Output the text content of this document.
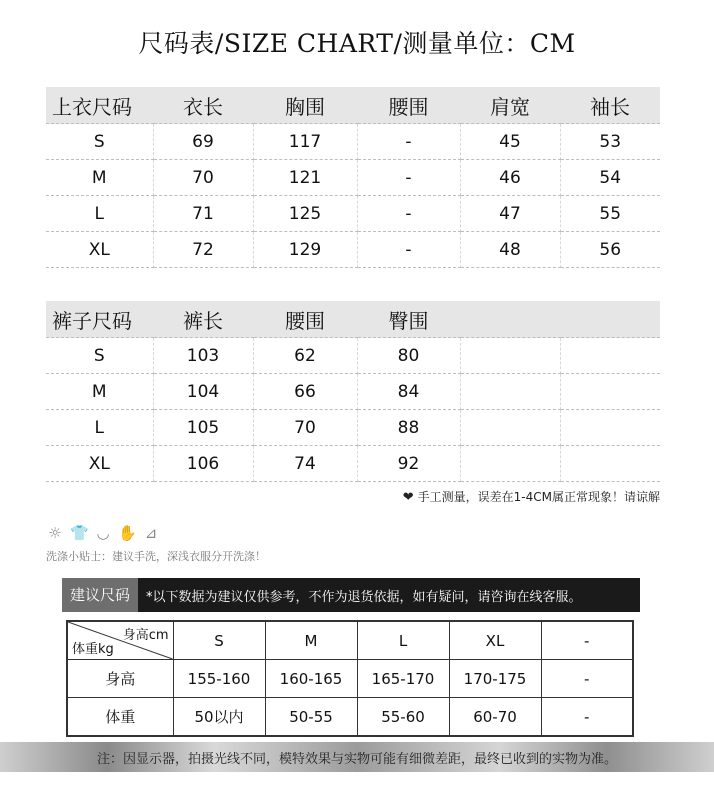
尺码表/SIZE CHART/测量单位：CM
上衣尺码	衣长	胸围	腰围	肩宽	袖长
S	69	117	-	45	53
M	70	121	-	46	54
L	71	125	-	47	55
XL	72	129	-	48	56
裤子尺码	裤长	腰围	臀围		
S	103	62	80		
M	104	66	84		
L	105	70	88		
XL	106	74	92		
❤ 手工测量，误差在1-4CM属正常现象！请谅解
☼ 👕 ◡ ✋ ⊿
洗涤小贴士：建议手洗，深浅衣服分开洗涤！
建议尺码	*以下数据为建议仅供参考，不作为退货依据，如有疑问，请咨询在线客服。
身高cm
体重kg	S	M	L	XL	-
身高	155-160	160-165	165-170	170-175	-
体重	50以内	50-55	55-60	60-70	-
注：因显示器，拍摄光线不同，模特效果与实物可能有细微差距，最终已收到的实物为准。
